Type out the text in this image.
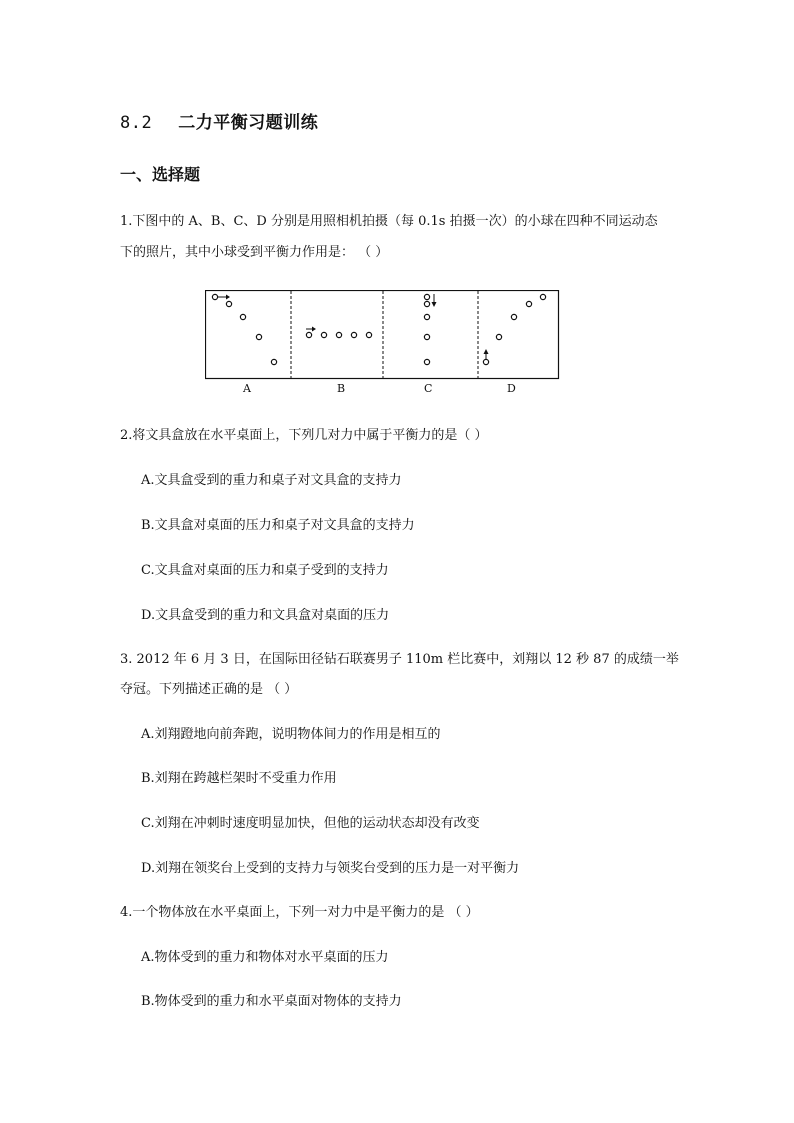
8.2 二力平衡习题训练
一、选择题
1.下图中的 A、B、C、D 分别是用照相机拍摄（每 0.1s 拍摄一次）的小球在四种不同运动态
下的照片，其中小球受到平衡力作用是： （ ）
A	B	C	D
2.将文具盒放在水平桌面上，下列几对力中属于平衡力的是（ ）
A.文具盒受到的重力和桌子对文具盒的支持力
B.文具盒对桌面的压力和桌子对文具盒的支持力
C.文具盒对桌面的压力和桌子受到的支持力
D.文具盒受到的重力和文具盒对桌面的压力
3. 2012 年 6 月 3 日，在国际田径钻石联赛男子 110m 栏比赛中，刘翔以 12 秒 87 的成绩一举
夺冠。下列描述正确的是 （ ）
A.刘翔蹬地向前奔跑，说明物体间力的作用是相互的
B.刘翔在跨越栏架时不受重力作用
C.刘翔在冲刺时速度明显加快，但他的运动状态却没有改变
D.刘翔在领奖台上受到的支持力与领奖台受到的压力是一对平衡力
4.一个物体放在水平桌面上，下列一对力中是平衡力的是 （ ）
A.物体受到的重力和物体对水平桌面的压力
B.物体受到的重力和水平桌面对物体的支持力
